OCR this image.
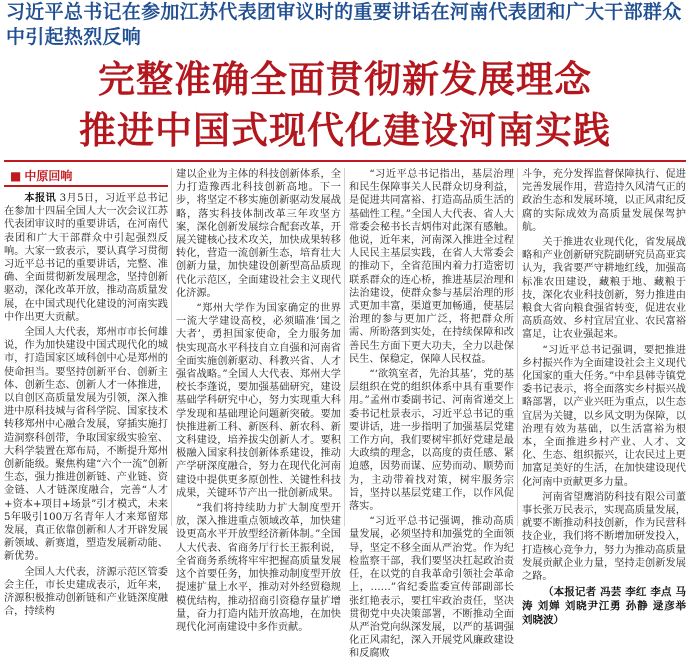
习近平总书记在参加江苏代表团审议时的重要讲话在河南代表团和广大干部群众中引起热烈反响
完整准确全面贯彻新发展理念
推进中国式现代化建设河南实践
■ 中原回响

本报讯 3月5日，习近平总书记在参加十四届全国人大一次会议江苏代表团审议时的重要讲话，在河南代表团和广大干部群众中引起强烈反响。大家一致表示，要认真学习贯彻习近平总书记的重要讲话，完整、准确、全面贯彻新发展理念，坚持创新驱动，深化改革开放，推动高质量发展，在中国式现代化建设的河南实践中作出更大贡献。

全国人大代表，郑州市市长何雄说，作为加快建设中国式现代化的城市，打造国家区域科创中心是郑州的使命担当。要坚持创新平台、创新主体、创新生态、创新人才一体推进，以自创区高质量发展为引领，深入推进中原科技城与省科学院、国家技术转移郑州中心融合发展，穿插实施打造洞察科创带，争取国家级实验室、大科学装置在郑布局，不断提升郑州创新能级。聚焦构建“六个一流”创新生态，强力推进创新链、产业链、资金链、人才链深度融合，完善“人才+资本+项目+场景”引才模式，未来5年吸引100万名青年人才来郑留郑发展，真正依靠创新和人才开辟发展新领域、新赛道，塑造发展新动能、新优势。

全国人大代表，济源示范区管委会主任，市长史建成表示，近年来，济源积极推动创新链和产业链深度融合，持续构

建以企业为主体的科技创新体系，全力打造豫西北科技创新高地。下一步，将坚定不移实施创新驱动发展战略，落实科技体制改革三年攻坚方案，深化创新发展综合配套改革，开展关键核心技术攻关，加快成果转移转化，营造一流创新生态，培育壮大创新力量，加快建设创新型高品质现代化示范区，全面建设社会主义现代化济源。

“郑州大学作为国家确定的世界一流大学建设高校，必须瞄准‘国之大者’，勇担国家使命，全力服务加快实现高水平科技自立自强和河南省全面实施创新驱动、科教兴省、人才强省战略。”全国人大代表、郑州大学校长李蓬说，要加强基础研究，建设基础学科研究中心，努力实现重大科学发现和基础理论问题新突破。要加快推进新工科、新医科、新农科、新文科建设，培养拔尖创新人才。要积极融入国家科技创新体系建设，推动产学研深度融合，努力在现代化河南建设中提供更多原创性、关键性科技成果，关键环节产出一批创新成果。

“我们将持续助力扩大制度型开放，深入推进重点领域改革，加快建设更高水平开放型经济新体制。”全国人大代表、省商务厅行长王振利说，全省商务系统将牢牢把握高质量发展这个首要任务，加快推动制度型开放提速扩量上水平，推动对外经贸稳规模优结构，推动招商引资稳存量扩增量，奋力打造内陆开放高地，在加快现代化河南建设中多作贡献。

“习近平总书记指出，基层治理和民生保障事关人民群众切身利益，是促进共同富裕、打造高品质生活的基础性工程。”全国人大代表、省人大常委会秘书长吉炳伟对此深有感触。他说，近年来，河南深入推进全过程人民民主基层实践，在省人大常委会的推动下，全省范围内着力打造密切联系群众的连心桥，推进基层治理和法治建设，使群众参与基层治理的形式更加丰富，渠道更加畅通，使基层治理的参与更加广泛，将把群众所需、所盼落到实处，在持续保障和改善民生方面下更大功夫，全力以赴保民生、保稳定，保障人民权益。

“‘欲筑室者，先治其基’，党的基层组织在党的组织体系中具有重要作用。”孟州市委副书记、河南省递交上委书记杜景表示，习近平总书记的重要讲话，进一步指明了加强基层党建工作方向，我们要树牢抓好党建是最大政绩的理念，以高度的责任感、紧迫感，因势而谋、应势而动、顺势而为，主动带着找对策，树牢服务宗旨，坚持以基层党建工作，以作风促落实。

“习近平总书记强调，推动高质量发展，必须坚持和加强党的全面领导，坚定不移全面从严治党。作为纪检监察干部，我们要坚决扛起政治责任，在以党的自我革命引领社会革命上，……”省纪委监委宣传部副部长张红艳表示，要扛牢政治责任，坚决贯彻党中央决策部署，不断推动全面从严治党向纵深发展，以严的基调强化正风肃纪，深入开展党风廉政建设和反腐败

斗争，充分发挥监督保障执行、促进完善发展作用，营造持久风清气正的政治生态和发展环境，以正风肃纪反腐的实际成效为高质量发展保驾护航。

关于推进农业现代化，省发展战略和产业创新研究院副研究员高亚宾认为，我省要严守耕地红线，加强高标准农田建设，藏粮于地、藏粮于技，深化农业科技创新，努力推进由粮食大省向粮食强省转变，促进农业高质高效、乡村宜居宜业、农民富裕富足，让农业强起来。

“习近平总书记强调，要把推进乡村振兴作为全面建设社会主义现代化国家的重大任务。”中牟县韩寺镇党委书记表示，将全面落实乡村振兴战略部署，以产业兴旺为重点，以生态宜居为关键，以乡风文明为保障，以治理有效为基础，以生活富裕为根本，全面推进乡村产业、人才、文化、生态、组织振兴，让农民过上更加富足美好的生活，在加快建设现代化河南中贡献更多力量。

河南省望鹰消防科技有限公司董事长张万民表示，实现高质量发展，就要不断推动科技创新，作为民营科技企业，我们将不断增加研发投入，打造核心竞争力，努力为推动高质量发展贡献企业力量，坚持走创新发展之路。

（本报记者 冯芸 李红 李点 马涛 刘婵 刘晓尹江勇 孙静 逯彦举 刘晓波）
